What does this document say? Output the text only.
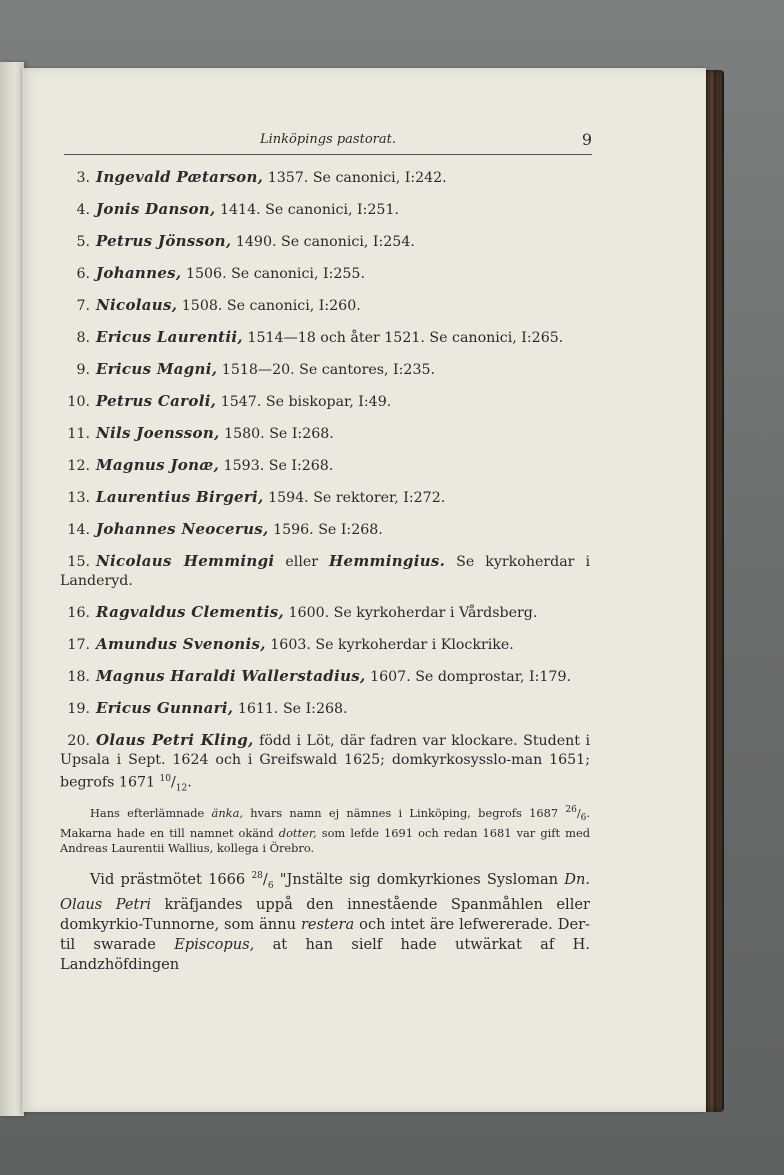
Linköpings pastorat.	9
3. Ingevald Pætarson, 1357. Se canonici, I:242.
4. Jonis Danson, 1414. Se canonici, I:251.
5. Petrus Jönsson, 1490. Se canonici, I:254.
6. Johannes, 1506. Se canonici, I:255.
7. Nicolaus, 1508. Se canonici, I:260.
8. Ericus Laurentii, 1514—18 och åter 1521. Se canonici, I:265.
9. Ericus Magni, 1518—20. Se cantores, I:235.
10. Petrus Caroli, 1547. Se biskopar, I:49.
11. Nils Joensson, 1580. Se I:268.
12. Magnus Jonæ, 1593. Se I:268.
13. Laurentius Birgeri, 1594. Se rektorer, I:272.
14. Johannes Neocerus, 1596. Se I:268.
15. Nicolaus Hemmingi eller Hemmingius. Se kyrkoherdar i Landeryd.
16. Ragvaldus Clementis, 1600. Se kyrkoherdar i Vårdsberg.
17. Amundus Svenonis, 1603. Se kyrkoherdar i Klockrike.
18. Magnus Haraldi Wallerstadius, 1607. Se domprostar, I:179.
19. Ericus Gunnari, 1611. Se I:268.
20. Olaus Petri Kling, född i Löt, där fadren var klockare. Student i Upsala i Sept. 1624 och i Greifswald 1625; domkyrkosysslo-man 1651; begrofs 1671 $^{10}/_{12}$.
Hans efterlämnade änka, hvars namn ej nämnes i Linköping, begrofs 1687 $^{26}/_6$. Makarna hade en till namnet okänd dotter, som lefde 1691 och redan 1681 var gift med Andreas Laurentii Wallius, kollega i Örebro.
Vid prästmötet 1666 $^{28}/_6$ "Jnstälte sig domkyrkiones Sysloman Dn. Olaus Petri kräfjandes uppå den innestående Spanmåhlen eller domkyrkio-Tunnorne, som ännu restera och intet äre lefwererade. Der-til swarade Episcopus, at han sielf hade utwärkat af H. Landzhöfdingen
